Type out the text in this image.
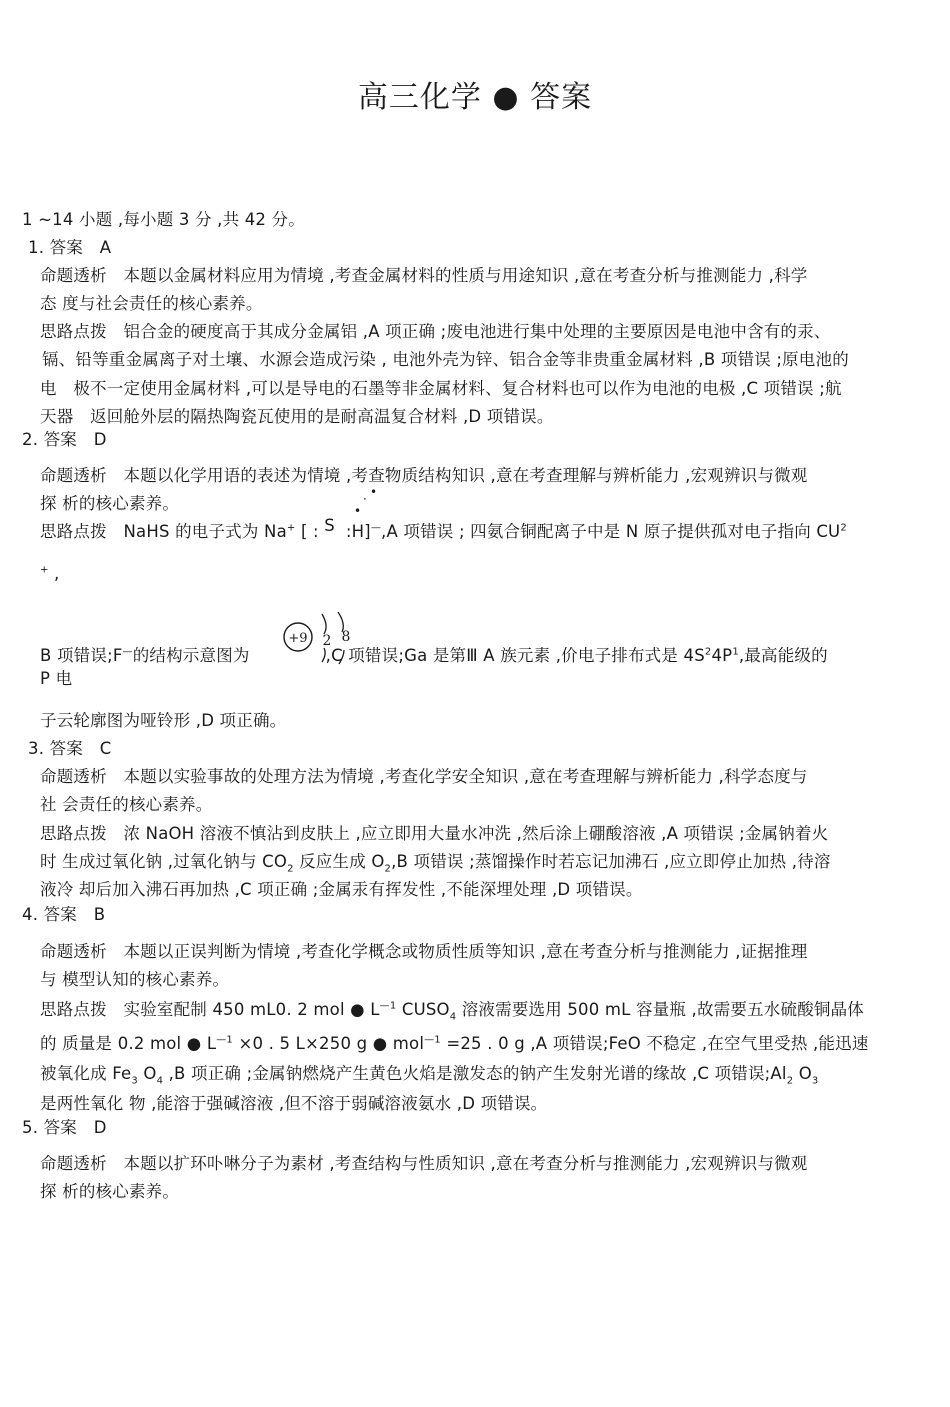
高三化学 ● 答案
1 ~14 小题 ,每小题 3 分 ,共 42 分。
1. 答案　A
命题透析　本题以金属材料应用为情境 ,考查金属材料的性质与用途知识 ,意在考查分析与推测能力 ,科学
态 度与社会责任的核心素养。
思路点拨　铝合金的硬度高于其成分金属铝 ,A 项正确 ;废电池进行集中处理的主要原因是电池中含有的汞、
镉、铅等重金属离子对土壤、水源会造成污染 , 电池外壳为锌、铝合金等非贵重金属材料 ,B 项错误 ;原电池的
电　极不一定使用金属材料 ,可以是导电的石墨等非金属材料、复合材料也可以作为电池的电极 ,C 项错误 ;航
天器　返回舱外层的隔热陶瓷瓦使用的是耐高温复合材料 ,D 项错误。
2. 答案　D
命题透析　本题以化学用语的表述为情境 ,考查物质结构知识 ,意在考查理解与辨析能力 ,宏观辨识与微观
探 析的核心素养。
•
·
•
思路点拨　NaHS 的电子式为 Na+ [ : S :H]—,A 项错误 ; 四氨合铜配离子中是 N 原子提供孤对电子指向 $CU^2$
+ ,
+9 2 8
B 项错误;F—的结构示意图为	,C 项错误;Ga 是第Ⅲ A 族元素 ,价电子排布式是 $4S^24P^1$,最高能级的
P 电
子云轮廓图为哑铃形 ,D 项正确。
3. 答案　C
命题透析　本题以实验事故的处理方法为情境 ,考查化学安全知识 ,意在考查理解与辨析能力 ,科学态度与
社 会责任的核心素养。
思路点拨　浓 NaOH 溶液不慎沾到皮肤上 ,应立即用大量水冲洗 ,然后涂上硼酸溶液 ,A 项错误 ;金属钠着火
时 生成过氧化钠 ,过氧化钠与 $CO_2$ 反应生成 $O_2,B$ 项错误 ;蒸馏操作时若忘记加沸石 ,应立即停止加热 ,待溶
液冷 却后加入沸石再加热 ,C 项正确 ;金属汞有挥发性 ,不能深埋处理 ,D 项错误。
4. 答案　B
命题透析　本题以正误判断为情境 ,考查化学概念或物质性质等知识 ,意在考查分析与推测能力 ,证据推理
与 模型认知的核心素养。
思路点拨　实验室配制 450 mL0. 2 mol ● $L^{—1}$ $CUSO_4$ 溶液需要选用 500 mL 容量瓶 ,故需要五水硫酸铜晶体
的 质量是 0.2 mol ● $L^{—1} \times 0$ . 5 L×250 g ● mol$^{—1}$ =25 . 0 g ,A 项错误;FeO 不稳定 ,在空气里受热 ,能迅速
被氧化成 $Fe_3$ $O_4$ ,B 项正确 ;金属钠燃烧产生黄色火焰是激发态的钠产生发射光谱的缘故 ,C 项错误$;Al_2$ $O_3$
是两性氧化 物 ,能溶于强碱溶液 ,但不溶于弱碱溶液氨水 ,D 项错误。
5. 答案　D
命题透析　本题以扩环卟啉分子为素材 ,考查结构与性质知识 ,意在考查分析与推测能力 ,宏观辨识与微观
探 析的核心素养。
